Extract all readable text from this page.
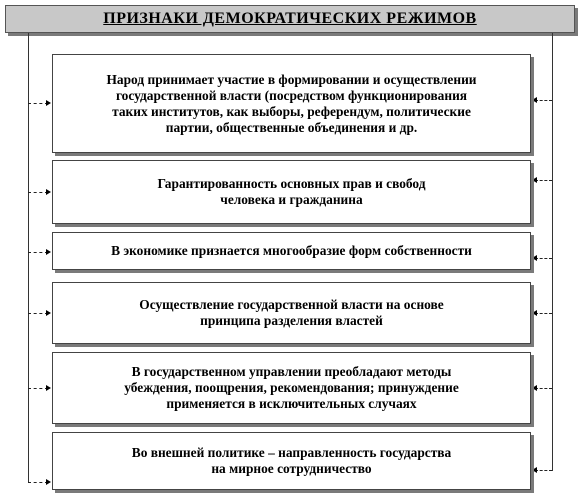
ПРИЗНАКИ ДЕМОКРАТИЧЕСКИХ РЕЖИМОВ
Народ принимает участие в формировании и осуществлении
государственной власти (посредством функционирования
таких институтов, как выборы, референдум, политические
партии, общественные объединения и др.
Гарантированность основных прав и свобод
человека и гражданина
В экономике признается многообразие форм собственности
Осуществление государственной власти на основе
принципа разделения властей
В государственном управлении преобладают методы
убеждения, поощрения, рекомендования; принуждение
применяется в исключительных случаях
Во внешней политике – направленность государства
на мирное сотрудничество
